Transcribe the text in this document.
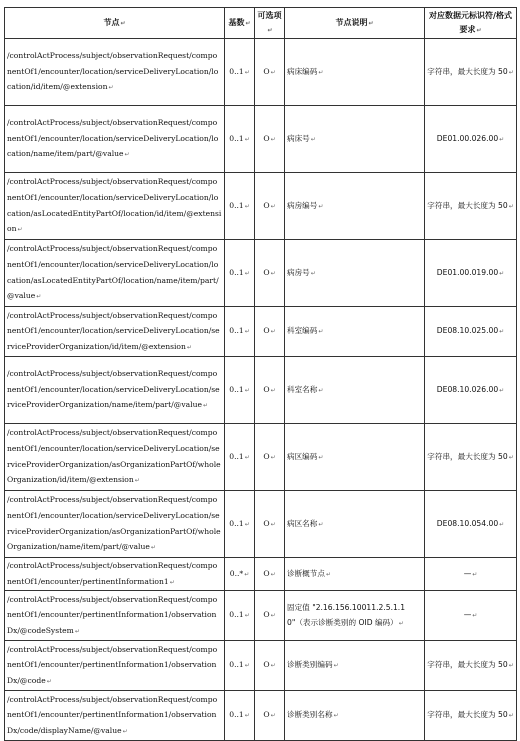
节点↵	基数↵	可选项↵	节点说明↵	对应数据元标识符/格式要求↵
/controlActProcess/subject/observationRequest/componentOf1/encounter/location/serviceDeliveryLocation/location/id/item/@extension↵	0..1↵	O↵	病床编码↵	字符串，最大长度为 50↵
/controlActProcess/subject/observationRequest/componentOf1/encounter/location/serviceDeliveryLocation/location/name/item/part/@value↵	0..1↵	O↵	病床号↵	DE01.00.026.00↵
/controlActProcess/subject/observationRequest/componentOf1/encounter/location/serviceDeliveryLocation/location/asLocatedEntityPartOf/location/id/item/@extension↵	0..1↵	O↵	病房编号↵	字符串，最大长度为 50↵
/controlActProcess/subject/observationRequest/componentOf1/encounter/location/serviceDeliveryLocation/location/asLocatedEntityPartOf/location/name/item/part/@value↵	0..1↵	O↵	病房号↵	DE01.00.019.00↵
/controlActProcess/subject/observationRequest/componentOf1/encounter/location/serviceDeliveryLocation/serviceProviderOrganization/id/item/@extension↵	0..1↵	O↵	科室编码↵	DE08.10.025.00↵
/controlActProcess/subject/observationRequest/componentOf1/encounter/location/serviceDeliveryLocation/serviceProviderOrganization/name/item/part/@value↵	0..1↵	O↵	科室名称↵	DE08.10.026.00↵
/controlActProcess/subject/observationRequest/componentOf1/encounter/location/serviceDeliveryLocation/serviceProviderOrganization/asOrganizationPartOf/wholeOrganization/id/item/@extension↵	0..1↵	O↵	病区编码↵	字符串，最大长度为 50↵
/controlActProcess/subject/observationRequest/componentOf1/encounter/location/serviceDeliveryLocation/serviceProviderOrganization/asOrganizationPartOf/wholeOrganization/name/item/part/@value↵	0..1↵	O↵	病区名称↵	DE08.10.054.00↵
/controlActProcess/subject/observationRequest/componentOf1/encounter/pertinentInformation1↵	0..*↵	O↵	诊断概节点↵	—↵
/controlActProcess/subject/observationRequest/componentOf1/encounter/pertinentInformation1/observationDx/@codeSystem↵	0..1↵	O↵	固定值 "2.16.156.10011.2.5.1.10"（表示诊断类别的 OID 编码）↵	—↵
/controlActProcess/subject/observationRequest/componentOf1/encounter/pertinentInformation1/observationDx/@code↵	0..1↵	O↵	诊断类别编码↵	字符串，最大长度为 50↵
/controlActProcess/subject/observationRequest/componentOf1/encounter/pertinentInformation1/observationDx/code/displayName/@value↵	0..1↵	O↵	诊断类别名称↵	字符串，最大长度为 50↵
